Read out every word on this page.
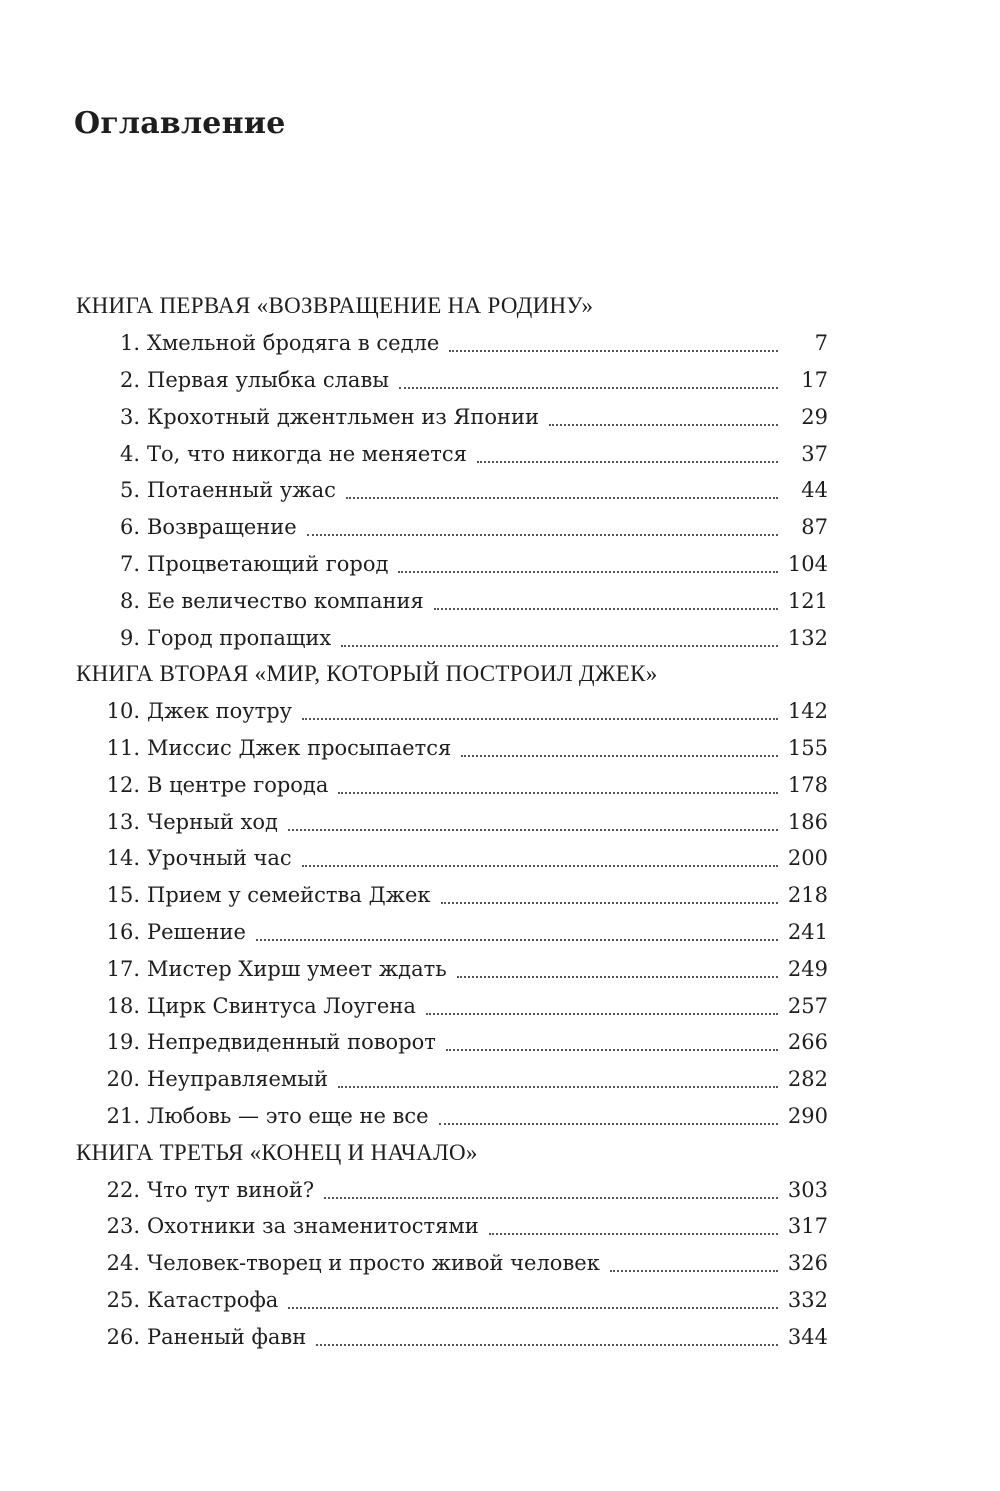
Оглавление
КНИГА ПЕРВАЯ «ВОЗВРАЩЕНИЕ НА РОДИНУ»
1. Хмельной бродяга в седле	7
2. Первая улыбка славы	17
3. Крохотный джентльмен из Японии	29
4. То, что никогда не меняется	37
5. Потаенный ужас	44
6. Возвращение	87
7. Процветающий город	104
8. Ее величество компания	121
9. Город пропащих	132
КНИГА ВТОРАЯ «МИР, КОТОРЫЙ ПОСТРОИЛ ДЖЕК»
10. Джек поутру	142
11. Миссис Джек просыпается	155
12. В центре города	178
13. Черный ход	186
14. Урочный час	200
15. Прием у семейства Джек	218
16. Решение	241
17. Мистер Хирш умеет ждать	249
18. Цирк Свинтуса Лоугена	257
19. Непредвиденный поворот	266
20. Неуправляемый	282
21. Любовь — это еще не все	290
КНИГА ТРЕТЬЯ «КОНЕЦ И НАЧАЛО»
22. Что тут виной?	303
23. Охотники за знаменитостями	317
24. Человек-творец и просто живой человек	326
25. Катастрофа	332
26. Раненый фавн	344
